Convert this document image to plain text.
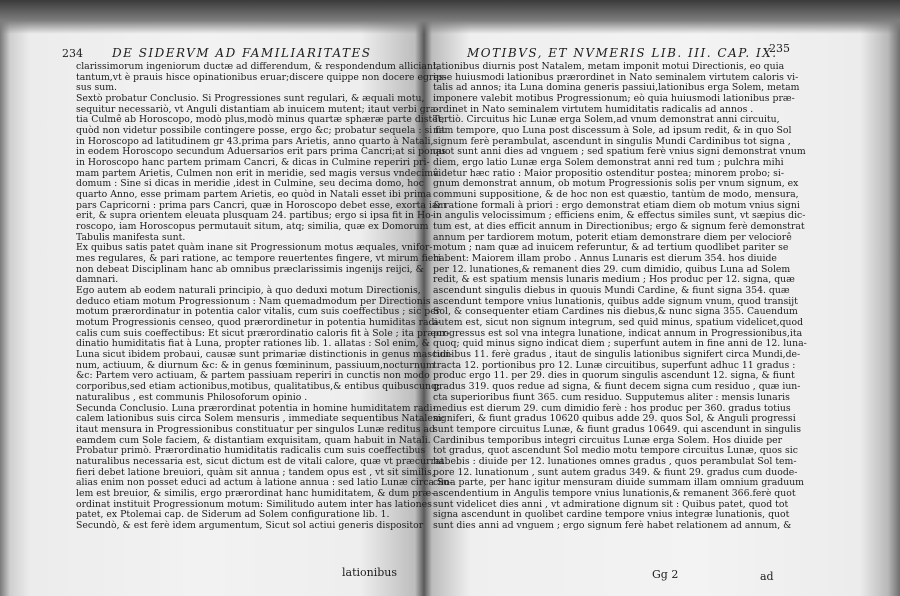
234 DE SIDERVM AD FAMILIARITATES

clarissimorum ingeniorum ductæ ad differendum, & respondendum alliciant,

tantum,vt è prauis hisce opinationibus eruar;discere quippe non docere egres-

sus sum.

Sextò probatur Conclusio. Si Progressiones sunt regulari, & æquali motu,

sequitur necessariò, vt Anguli distantiam ab inuicem mutent; itaut verbi gra-

tia Culmê ab Horoscopo, modò plus,modò minus quartæ sphæræ parte distet;

quòd non videtur possibile contingere posse, ergo &c; probatur sequela : si fit

in Horoscopo ad latitudinem gr 43.prima pars Arietis, anno quarto à Natali,

in eodem Horoscopo secundum Aduersarios erit pars prima Cancri;at si ponas

in Horoscopo hanc partem primam Cancri, & dicas in Culmine reperiri pri-

mam partem Arietis, Culmen non erit in meridie, sed magis versus vndecimâ

domum : Sine si dicas in meridie ,idest in Culmine, seu decima domo, hoc

quarto Anno, esse primam partem Arietis, eo quòd in Natali esset ibi prima

pars Capricorni : prima pars Cancri, quæ in Horoscopo debet esse, exorta iam

erit, & supra orientem eleuata plusquam 24. partibus; ergo si ipsa fit in Ho-

roscopo, iam Horoscopus permutauit situm, atq; similia, quæ ex Domorum

Tabulis manifesta sunt.

Ex quibus satis patet quàm inane sit Progressionum motus æquales, vnifor-

mes regulares, & pari ratione, ac tempore reuertentes fingere, vt mirum fieri

non debeat Disciplinam hanc ab omnibus præclarissimis ingenijs reijci, &

damnari.

Ego autem ab eodem naturali principio, à quo deduxi motum Directionis,

deduco etiam motum Progressionum : Nam quemadmodum per Directionis

motum prærordinatur in potentia calor vitalis, cum suis coeffectibus ; sic per

motum Progressionis censeo, quod prærordinetur in potentia humiditas radi-

calis cum suis coeffectibus: Et sicut prærordinatio caloris fit à Sole ; ita præor-

dinatio humiditatis fiat à Luna, propter rationes lib. 1. allatas : Sol enim, &

Luna sicut ibidem probaui, causæ sunt primariæ distinctionis in genus masculi-

num, actiuum, & diurnum &c: & in genus fœmininum, passiuum,nocturnum

&c: Partem vero actiuam, & partem passiuam reperiri in cunctis non modo

corporibus,sed etiam actionibus,motibus, qualitatibus,& entibus quibuscunq;

naturalibus , est communis Philosoforum opinio .

Secunda Conclusio. Luna prærordinat potentia in homine humiditatem radi-

calem lationibus suis circa Solem mensuris , immediate sequentibus Natalem:

itaut mensura in Progressionibus constituatur per singulos Lunæ reditus ad

eamdem cum Sole faciem, & distantiam exquisitam, quam habuit in Natali.

Probatur primò. Prærordinatio humiditatis radicalis cum suis coeffectibus

naturalibus necessaria est, sicut dictum est de vitali calore, quæ vt præcurrat

fieri debet latione breuiori, quàm sit annua ; tandem opus est , vt sit similis,

alias enim non posset educi ad actum à latione annua : sed latio Lunæ circa So-

lem est breuior, & similis, ergo prærordinat hanc humiditatem, & dum præ-

ordinat instituit Progressionum motum: Similitudo autem inter has lationes

patet, ex Ptolemai cap. de Siderum ad Solem configuratione lib. 1.

Secundò, & est ferè idem argumentum, Sicut sol actiui generis dispositor

MOTIBVS, ET NVMERIS LIB. III. CAP. IX.
235

lationibus diurnis post Natalem, metam imponit motui Directionis, eo quia

ipse huiusmodi lationibus prærordinet in Nato seminalem virtutem caloris vi-

talis ad annos; ita Luna domina generis passiui,lationibus erga Solem, metam

imponere valebit motibus Progressionum; eò quia huiusmodi lationibus præ-

ordinet in Nato seminalem virtutem humiditatis radicalis ad annos .

Tertiò. Circuitus hic Lunæ erga Solem,ad vnum demonstrat anni circuitu,

nam tempore, quo Luna post discessum à Sole, ad ipsum redit, & in quo Sol

signum ferè perambulat, ascendunt in singulis Mundi Cardinibus tot signa ,

quot sunt anni dies ad vnguem ; sed spatium ferè vnius signi demonstrat vnum

diem, ergo latio Lunæ erga Solem demonstrat anni red tum ; pulchra mihi

videtur hæc ratio : Maior propositio ostenditur postea; minorem probo; si-

gnum demonstrat annum, ob motum Progressionis solis per vnum signum, ex

communi suppositione, & de hoc non est quæstio, tantùm de modo, mensura,

& ratione formali à priori : ergo demonstrat etiam diem ob motum vnius signi

in angulis velocissimum ; efficiens enim, & effectus similes sunt, vt sæpius dic-

tum est, at dies efficit annum in Directionibus; ergo & signum ferè demonstrat

annum per tardiorem motum, poterit etiam demonstrare diem per velociorê

motum ; nam quæ ad inuicem referuntur, & ad tertium quodlibet pariter se

habent: Maiorem illam probo . Annus Lunaris est dierum 354. hos diuide

per 12. lunationes,& remanent dies 29. cum dimidio, quibus Luna ad Solem

redit, & est spatium mensis lunaris medium ; Hos produc per 12. signa, quæ

ascendunt singulis diebus in quouis Mundi Cardine, & fiunt signa 354. quæ

ascendunt tempore vnius lunationis, quibus adde signum vnum, quod transijt

Sol, & consequenter etiam Cardines nis diebus,& nunc signa 355. Cauendum

autem est, sicut non signum integrum, sed quid minus, spatium videlicet,quod

progressus est sol vna integra lunatione, indicat annum in Progressionibus,ita

quoq; quid minus signo indicat diem ; superfunt autem in fine anni de 12. luna-

tionibus 11. ferè gradus , itaut de singulis lationibus signifert circa Mundi,de-

tracta 12. portionibus pro 12. Lunæ circuitibus, superfunt adhuc 11 gradus :

produc ergo 11. per 29. dies in quorum singulis ascendunt 12. signa, & fiunt

gradus 319. quos redue ad signa, & fiunt decem signa cum residuo , quæ iun-

cta superioribus fiunt 365. cum residuo. Supputemus aliter : mensis lunaris

medius est dierum 29. cum dimidio ferè : hos produc per 360. gradus totius

signiferi, & fiunt gradus 10620 quibus adde 29. quos Sol, & Anguli progressi

sunt tempore circuitus Lunæ, & fiunt gradus 10649. qui ascendunt in singulis

Cardinibus temporibus integri circuitus Lunæ erga Solem. Hos diuide per

tot gradus, quot ascendunt Sol medio motu tempore circuitus Lunæ, quos sic

habebis : diuide per 12. lunationes omnes gradus , quos perambulat Sol tem-

pore 12. lunationum , sunt autem gradus 349. & fiunt 29. gradus cum duode-

cima parte, per hanc igitur mensuram diuide summam illam omnium graduum

ascendentium in Angulis tempore vnius lunationis,& remanent 366.ferè quot

sunt videlicet dies anni , vt admiratione dignum sit : Quibus patet, quod tot

signa ascendunt in quolibet cardine tempore vnius integræ lunationis, quot

sunt dies anni ad vnguem ; ergo signum ferè habet relationem ad annum, &

lationibus	Gg 2	ad
